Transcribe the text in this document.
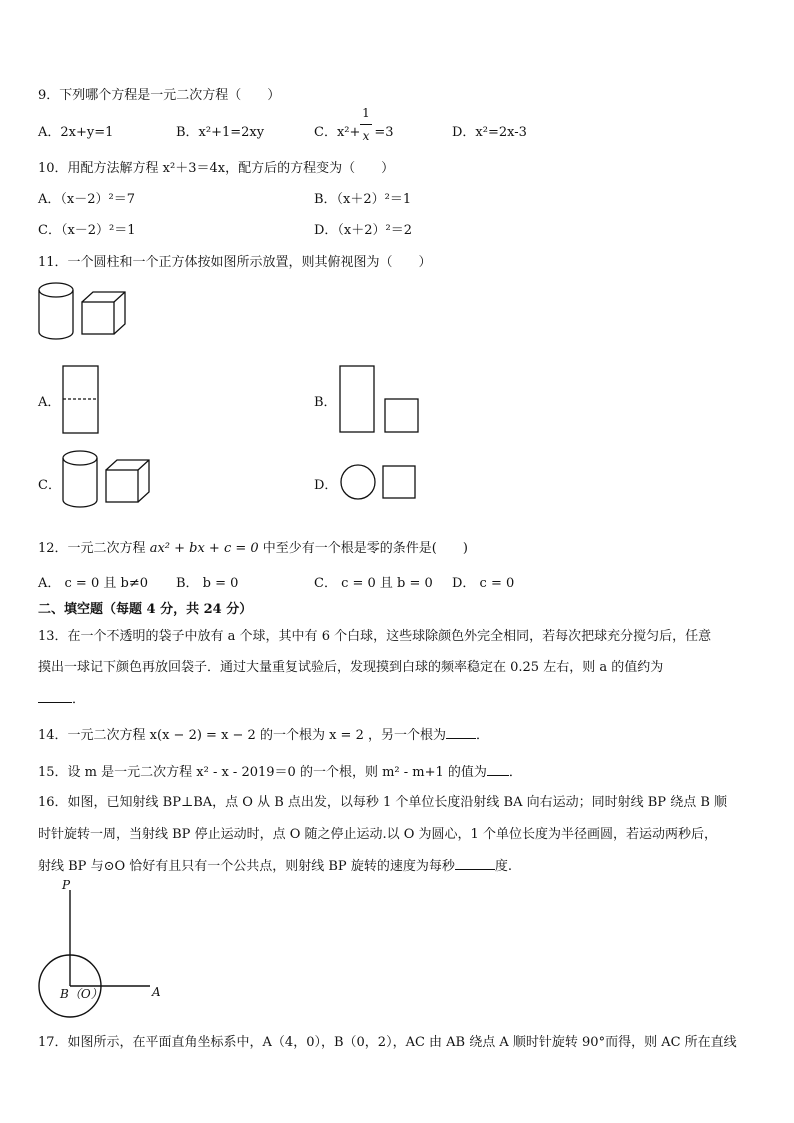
9．下列哪个方程是一元二次方程（　　）
A．2x+y=1	B．x²+1=2xy	C．x²+ =3
1
x	D．x²=2x-3
10．用配方法解方程 x²＋3＝4x，配方后的方程变为（　　）
A．（x－2）²＝7	B．（x＋2）²＝1
C．（x－2）²＝1	D．（x＋2）²＝2
11．一个圆柱和一个正方体按如图所示放置，则其俯视图为（　　）
A．	B．
C．	D．
12．一元二次方程 ax² + bx + c = 0 中至少有一个根是零的条件是(　　)
A． c = 0 且 b≠0 B． b = 0	C． c = 0 且 b = 0 D． c = 0
二、填空题（每题 4 分，共 24 分）
13．在一个不透明的袋子中放有 a 个球，其中有 6 个白球，这些球除颜色外完全相同，若每次把球充分搅匀后，任意
摸出一球记下颜色再放回袋子．通过大量重复试验后，发现摸到白球的频率稳定在 0.25 左右，则 a 的值约为
．
14．一元二次方程 x(x − 2) = x − 2 的一个根为 x = 2 ，另一个根为 ．
15．设 m 是一元二次方程 x² - x - 2019＝0 的一个根，则 m² - m+1 的值为 ．
16．如图，已知射线 BP⊥BA，点 O 从 B 点出发，以每秒 1 个单位长度沿射线 BA 向右运动；同时射线 BP 绕点 B 顺
时针旋转一周，当射线 BP 停止运动时，点 O 随之停止运动.以 O 为圆心，1 个单位长度为半径画圆，若运动两秒后，
射线 BP 与⊙O 恰好有且只有一个公共点，则射线 BP 旋转的速度为每秒	度.
P
B（O）	A
17．如图所示，在平面直角坐标系中，A（4，0），B（0，2），AC 由 AB 绕点 A 顺时针旋转 90°而得，则 AC 所在直线
